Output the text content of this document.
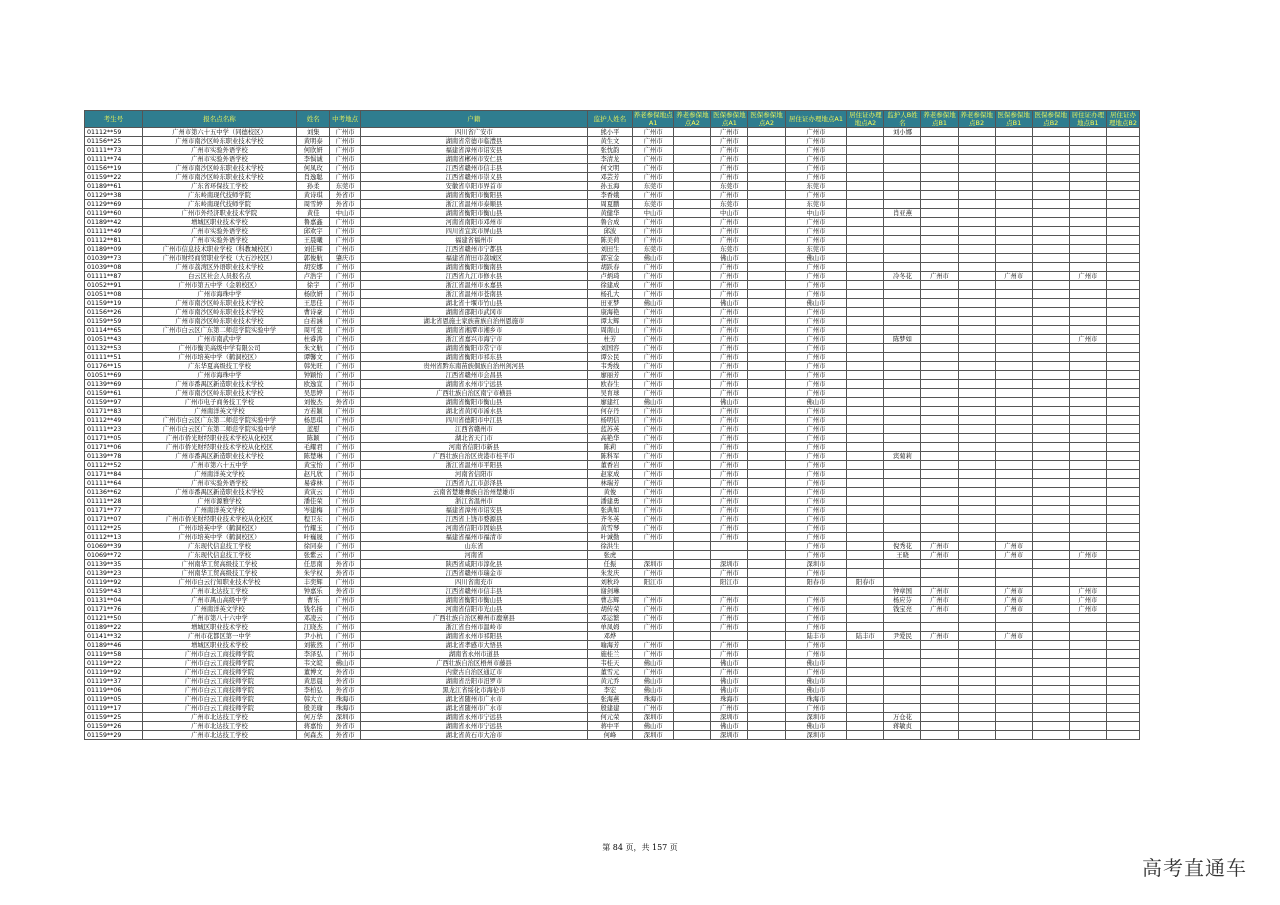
考生号	报名点名称	姓名	中考地点	户籍	监护人姓名	养老参保地点A1	养老参保地点A2	医保参保地点A1	医保参保地点A2	居住证办理地点A1	居住证办理地点A2	监护人B姓名	养老参保地点B1	养老参保地点B2	医保参保地点B1	医保参保地点B2	居住证办理地点B1	居住证办理地点B2
01112**59	广州市第六十五中学（同德校区）	刘集	广州市	四川省广安市	熊小平	广州市		广州市		广州市		刘小娜						
01156**25	广州市南沙区岭东职业技术学校	黄明泰	广州市	湖南省常德市临澧县	黄生文	广州市		广州市		广州市								
01111**73	广州市实验外语学校	何欣妍	广州市	福建省漳州市诏安县	张忱韵	广州市		广州市		广州市								
01111**74	广州市实验外语学校	李惧诚	广州市	湖南省郴州市安仁县	李清龙	广州市		广州市		广州市								
01156**19	广州市南沙区岭东职业技术学校	何凤玫	广州市	江西省赣州市信丰县	何文明	广州市		广州市		广州市								
01159**22	广州市南沙区岭东职业技术学校	肖逸聪	广州市	江西省赣州市崇义县	邓芸芳	广州市		广州市		广州市								
01189**61	广东省环保技工学校	孙柔	东莞市	安徽省阜阳市界首市	孙玉海	东莞市		东莞市		东莞市								
01129**38	广东岭南现代技师学院	黄诗琪	外省市	湖南省衡阳市衡阳县	李香娥	广州市		广州市		广州市								
01129**69	广东岭南现代技师学院	周雪婷	外省市	浙江省温州市泰顺县	周夏鹏	东莞市		东莞市		东莞市								
01119**60	广州市外经济职业技术学院	黄佳	中山市	湖南省衡阳市衡山县	黄健华	中山市		中山市		中山市		肖亚燕						
01189**42	增城区职业技术学校	鲁嘉鑫	广州市	河南省南阳市邓州市	鲁合成	广州市		广州市		广州市								
01111**49	广州市实验外语学校	邱欢宇	广州市	四川省宜宾市屏山县	邱波	广州市		广州市		广州市								
01112**81	广州市实验外语学校	王晨曦	广州市	福建省福州市	陈美荷	广州市		广州市		广州市								
01189**09	广州市信息技术职业学校（科教城校区）	刘佳辉	广州市	江西省赣州市宁都县	刘田生	东莞市		东莞市		东莞市								
01039**73	广州市财经商贸职业学校（大石沙校区）	郭俊航	肇庆市	福建省莆田市荔城区	郭宝金	佛山市		佛山市		佛山市								
01039**08	广州市荔湾区外语职业技术学校	胡安娜	广州市	湖南省衡阳市衡南县	胡跃春	广州市		广州市		广州市								
01111**87	白云区社会人员报名点	卢浩宇	广州市	江西省九江市修水县	卢炳琦	广州市		广州市		广州市		冷冬花	广州市		广州市		广州市	
01052**91	广州市第五中学（金碧校区）	徐宇	广州市	浙江省温州市永嘉县	徐建成	广州市		广州市		广州市								
01051**08	广州市海珠中学	杨欣妍	广州市	浙江省温州市苍南县	杨孔大	广州市		广州市		广州市								
01159**19	广州市南沙区岭东职业技术学校	王思佳	广州市	湖北省十堰市竹山县	田亚梦	佛山市		佛山市		佛山市								
01156**26	广州市南沙区岭东职业技术学校	曹诗豪	广州市	湖南省邵阳市武冈市	康海艳	广州市		广州市		广州市								
01159**59	广州市南沙区岭东职业技术学校	白若涵	广州市	湖北省恩施土家族苗族自治州恩施市	谭太辉	广州市		广州市		广州市								
01114**65	广州市白云区广东第二师范学院实验中学	周可萱	广州市	湖南省湘潭市湘乡市	周南山	广州市		广州市		广州市								
01051**43	广州市南武中学	杜睿涛	广州市	浙江省嘉兴市海宁市	杜芳	广州市		广州市		广州市		陈梦如					广州市	
01132**53	广州市衡美高级中学有限公司	朱文航	广州市	湖南省衡阳市常宁市	刘国容	广州市		广州市		广州市								
01111**51	广州市培英中学（鹤洞校区）	谭馨文	广州市	湖南省衡阳市祁东县	谭公民	广州市		广州市		广州市								
01176**15	广东华夏高级技工学校	韩先旺	广州市	贵州省黔东南苗族侗族自治州剑河县	韦秀线	广州市		广州市		广州市								
01051**69	广州市海珠中学	钟颖怡	广州市	江西省赣州市会昌县	廖丽芳	广州市		广州市		广州市								
01139**69	广州市番禺区新造职业技术学校	欧逸宣	广州市	湖南省永州市宁远县	欧春生	广州市		广州市		广州市								
01159**61	广州市南沙区岭东职业技术学校	吴思婷	广州市	广西壮族自治区南宁市横县	吴育球	广州市		广州市		广州市								
01159**97	广州市电子商务技工学校	刘俊杰	外省市	湖南省衡阳市衡山县	廖建红	佛山市		佛山市		佛山市								
01171**83	广州南洋英文学校	方若颖	广州市	湖北省黄冈市浠水县	何存丹	广州市		广州市		广州市								
01112**49	广州市白云区广东第二师范学院实验中学	杨思琪	广州市	四川省德阳市中江县	杨明信	广州市		广州市		广州市								
01111**23	广州市白云区广东第二师范学院实验中学	蓝慰	广州市	江西省赣州市	蓝苏英	广州市		广州市		广州市								
01171**05	广州市侨光财经职业技术学校从化校区	陈颖	广州市	湖北省天门市	高艳华	广州市		广州市		广州市								
01171**06	广州市侨光财经职业技术学校从化校区	毛耀君	广州市	河南省信阳市新县	陈莉	广州市		广州市		广州市								
01139**78	广州市番禺区新造职业技术学校	陈楚琳	广州市	广西壮族自治区贵港市桂平市	陈科军	广州市		广州市		广州市		宾菊莉						
01112**52	广州市第六十五中学	黄宝怡	广州市	浙江省温州市平阳县	董香岩	广州市		广州市		广州市								
01171**84	广州南洋英文学校	赵凡欣	广州市	河南省信阳市	赵家成	广州市		广州市		广州市								
01111**64	广州市实验外语学校	易睿林	广州市	江西省九江市彭泽县	林瑞芳	广州市		广州市		广州市								
01136**62	广州市番禺区新造职业技术学校	黄寅云	广州市	云南省楚雄彝族自治州楚雄市	黄俊	广州市		广州市		广州市								
01111**28	广州市源雅学校	潘佳荣	广州市	浙江省温州市	潘建勇	广州市		广州市		广州市								
01171**77	广州南洋英文学校	岑建梅	广州市	福建省漳州市诏安县	张典如	广州市		广州市		广州市								
01171**07	广州市侨光财经职业技术学校从化校区	程卫东	广州市	江西省上饶市婺源县	齐冬英	广州市		广州市		广州市								
01112**25	广州市培英中学（鹤洞校区）	竹耀玉	广州市	河南省信阳市固始县	黄雪琴	广州市		广州市		广州市								
01112**13	广州市培英中学（鹤洞校区）	叶巍晟	广州市	福建省福州市福清市	叶诚勤	广州市		广州市		广州市								
01069**39	广东现代信息技工学校	徐同泰	广州市	山东省	徐洪生					广州市		倪秀花	广州市		广州市			
01069**72	广东现代信息技工学校	张紫云	广州市	河南省	张虎					广州市		王晓	广州市		广州市		广州市	
01139**35	广州南华工贸高级技工学校	任思南	外省市	陕西省咸阳市淳化县	任振	深圳市		深圳市		深圳市								
01139**23	广州南华工贸高级技工学校	朱学权	外省市	江西省赣州市瑞金市	朱发庆	广州市		广州市		广州市								
01119**92	广州市白云行知职业技术学校	丰奕辉	广州市	四川省南充市	刘秋玲	阳江市		阳江市		阳春市	阳春市							
01159**43	广州市北达技工学校	钟嘉乐	外省市	江西省赣州市信丰县	谢剑琳							钟章国	广州市		广州市		广州市	
01131**04	广州市禺山高级中学	曹乐	广州市	湖南省衡阳市衡山县	曹志辉	广州市		广州市		广州市		杨应芬	广州市		广州市		广州市	
01171**76	广州南洋英文学校	钱名扬	广州市	河南省信阳市光山县	胡传荣	广州市		广州市		广州市		钱宝亮	广州市		广州市		广州市	
01121**50	广州市第八十六中学	邓凌云	广州市	广西壮族自治区柳州市鹿寨县	邓运繁	广州市		广州市		广州市								
01189**22	增城区职业技术学校	江晓杰	广州市	浙江省台州市温岭市	单凤姆	广州市		广州市		广州市								
01141**32	广州市花都区第一中学	尹小杭	广州市	湖南省永州市祁阳县	邓烨					陆丰市	陆丰市	尹爱民	广州市		广州市			
01189**46	增城区职业技术学校	刘筱然	广州市	湖北省孝感市大悟县	喻海芳	广州市		广州市		广州市								
01119**58	广州市白云工商技师学院	李泽弘	广州市	湖南省永州市道县	施桂兰	广州市		广州市		广州市								
01119**22	广州市白云工商技师学院	韦文皖	佛山市	广西壮族自治区梧州市藤县	韦桂天	佛山市		佛山市		佛山市								
01119**92	广州市白云工商技师学院	董博文	外省市	内蒙古自治区通辽市	董雪元	广州市		广州市		广州市								
01119**37	广州市白云工商技师学院	黄思晨	外省市	湖南省岳阳市汨罗市	黄元乔	佛山市		佛山市		佛山市								
01119**06	广州市白云工商技师学院	李柏弘	外省市	黑龙江省绥化市海伦市	李宏	佛山市		佛山市		佛山市								
01119**05	广州市白云工商技师学院	韩大立	珠海市	湖北省随州市广水市	张海燕	珠海市		珠海市		珠海市								
01119**17	广州市白云工商技师学院	殷美瑜	珠海市	湖北省随州市广水市	殷建建	广州市		广州市		广州市								
01159**25	广州市北达技工学校	何万华	深圳市	湖南省永州市宁远县	何元荣	深圳市		深圳市		深圳市		万仓花						
01159**26	广州市北达技工学校	蒋嘉怡	外省市	湖南省永州市宁远县	蒋中平	佛山市		佛山市		佛山市		蒋敏贞						
01159**29	广州市北达技工学校	何森杰	外省市	湖北省黄石市大冶市	何峰	深圳市		深圳市		深圳市								
第 84 页，共 157 页
高考直通车
